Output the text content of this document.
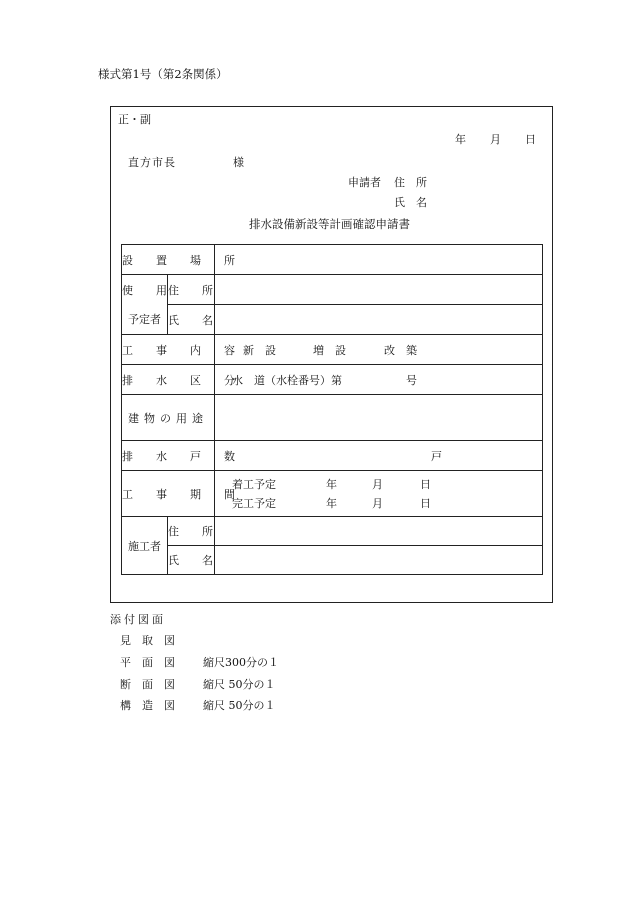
様式第1号（第2条関係）
正・副
年 月 日
直方市長	様
申請者 住　所
氏　名
排水設備新設等計画確認申請書
設　置　場　所		
使　用	住　所	
予定者	氏　名	
工　事　内　容		新　設 増　設 改　築
排　水　区　分		水　道（水栓番号）第 号
建物の用途		
排　水　戸　数		戸
工　事　期　間		着工予定 年 月 日
完工予定 年 月 日

施工者	住　所	
	氏　名	
添付図面
見　取　図
平　面　図	縮尺300分の１
断　面　図	縮尺 50分の１
構　造　図	縮尺 50分の１
